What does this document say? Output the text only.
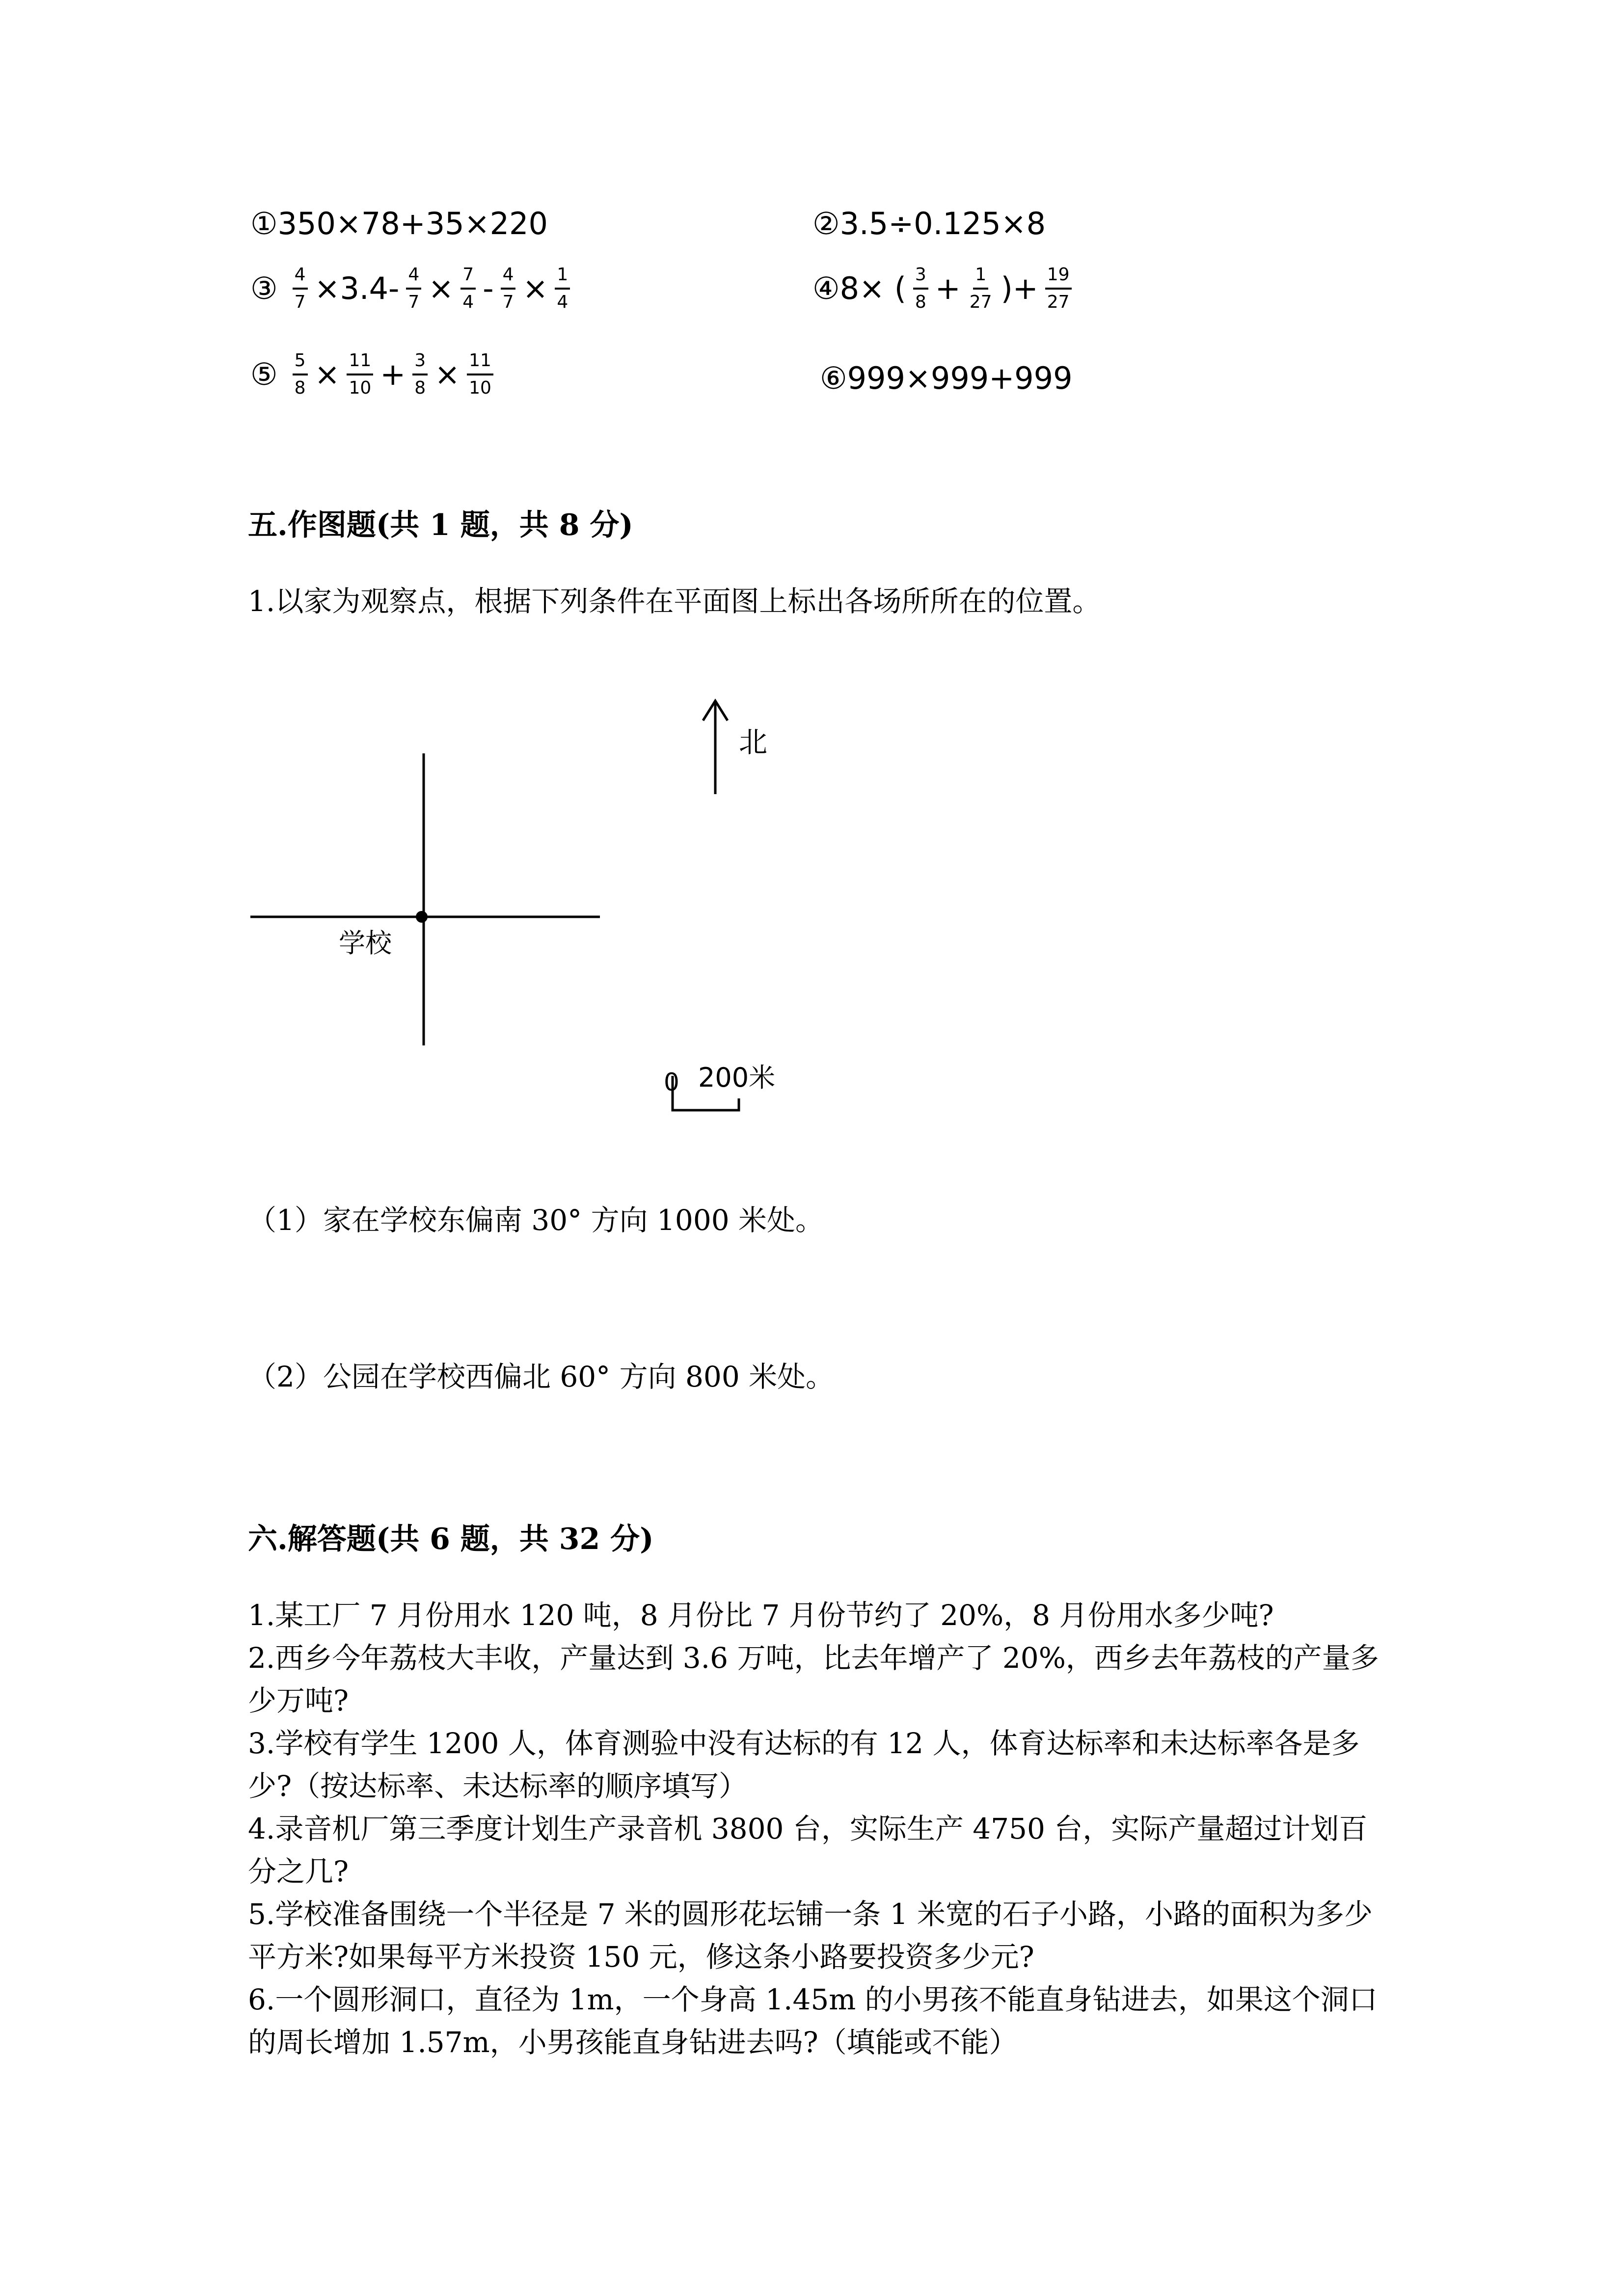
① 350×78+35×220	② 3.5÷0.125×8
③ $\frac{4}{7} \times 3.4- \frac{4}{7} \times \frac{7}{4} - \frac{4}{7} \times \frac{1}{4}$	④ 8× ( $\frac{3}{8} + \frac{1}{27}$ )+ $\frac{19}{27}$
⑤ $\frac{5}{8} \times \frac{11}{10} + \frac{3}{8} \times \frac{11}{10}$	⑥ 999×999+999
五.作图题(共 1 题，共 8 分)
1.以家为观察点，根据下列条件在平面图上标出各场所所在的位置。
北
学校
0 200米
（1）家在学校东偏南 30° 方向 1000 米处。
（2）公园在学校西偏北 60° 方向 800 米处。
六.解答题(共 6 题，共 32 分)

1.某工厂 7 月份用水 120 吨，8 月份比 7 月份节约了 20%，8 月份用水多少吨?

2.西乡今年荔枝大丰收，产量达到 3.6 万吨，比去年增产了 20%，西乡去年荔枝的产量多少万吨?

3.学校有学生 1200 人，体育测验中没有达标的有 12 人，体育达标率和未达标率各是多少?（按达标率、未达标率的顺序填写）

4.录音机厂第三季度计划生产录音机 3800 台，实际生产 4750 台，实际产量超过计划百分之几?

5.学校准备围绕一个半径是 7 米的圆形花坛铺一条 1 米宽的石子小路，小路的面积为多少平方米?如果每平方米投资 150 元，修这条小路要投资多少元?

6.一个圆形洞口，直径为 1m，一个身高 1.45m 的小男孩不能直身钻进去，如果这个洞口的周长增加 1.57m，小男孩能直身钻进去吗?（填能或不能）
